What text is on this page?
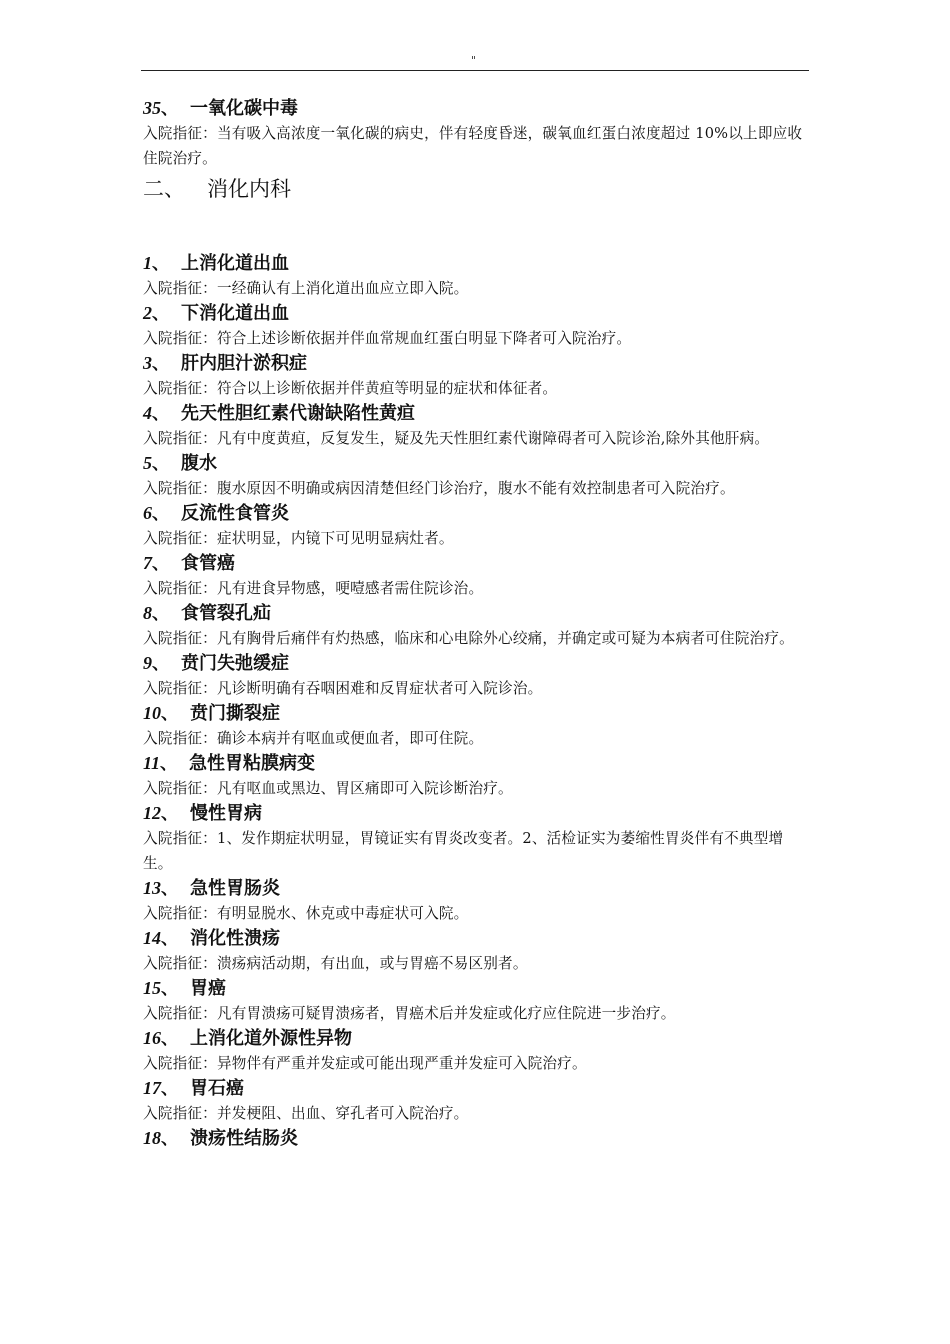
"
35、 一氧化碳中毒
入院指征：当有吸入高浓度一氧化碳的病史，伴有轻度昏迷，碳氧血红蛋白浓度超过 10%以上即应收住院治疗。
二、 消化内科
1、 上消化道出血
入院指征：一经确认有上消化道出血应立即入院。
2、 下消化道出血
入院指征：符合上述诊断依据并伴血常规血红蛋白明显下降者可入院治疗。
3、 肝内胆汁淤积症
入院指征：符合以上诊断依据并伴黄疸等明显的症状和体征者。
4、 先天性胆红素代谢缺陷性黄疸
入院指征：凡有中度黄疸，反复发生，疑及先天性胆红素代谢障碍者可入院诊治,除外其他肝病。
5、 腹水
入院指征：腹水原因不明确或病因清楚但经门诊治疗，腹水不能有效控制患者可入院治疗。
6、 反流性食管炎
入院指征：症状明显，内镜下可见明显病灶者。
7、 食管癌
入院指征：凡有进食异物感，哽噎感者需住院诊治。
8、 食管裂孔疝
入院指征：凡有胸骨后痛伴有灼热感，临床和心电除外心绞痛，并确定或可疑为本病者可住院治疗。
9、 贲门失弛缓症
入院指征：凡诊断明确有吞咽困难和反胃症状者可入院诊治。
10、 贲门撕裂症
入院指征：确诊本病并有呕血或便血者，即可住院。
11、 急性胃粘膜病变
入院指征：凡有呕血或黑边、胃区痛即可入院诊断治疗。
12、 慢性胃病
入院指征：1、发作期症状明显，胃镜证实有胃炎改变者。2、活检证实为萎缩性胃炎伴有不典型增生。
13、 急性胃肠炎
入院指征：有明显脱水、休克或中毒症状可入院。
14、 消化性溃疡
入院指征：溃疡病活动期，有出血，或与胃癌不易区别者。
15、 胃癌
入院指征：凡有胃溃疡可疑胃溃疡者，胃癌术后并发症或化疗应住院进一步治疗。
16、 上消化道外源性异物
入院指征：异物伴有严重并发症或可能出现严重并发症可入院治疗。
17、 胃石癌
入院指征：并发梗阻、出血、穿孔者可入院治疗。
18、 溃疡性结肠炎
